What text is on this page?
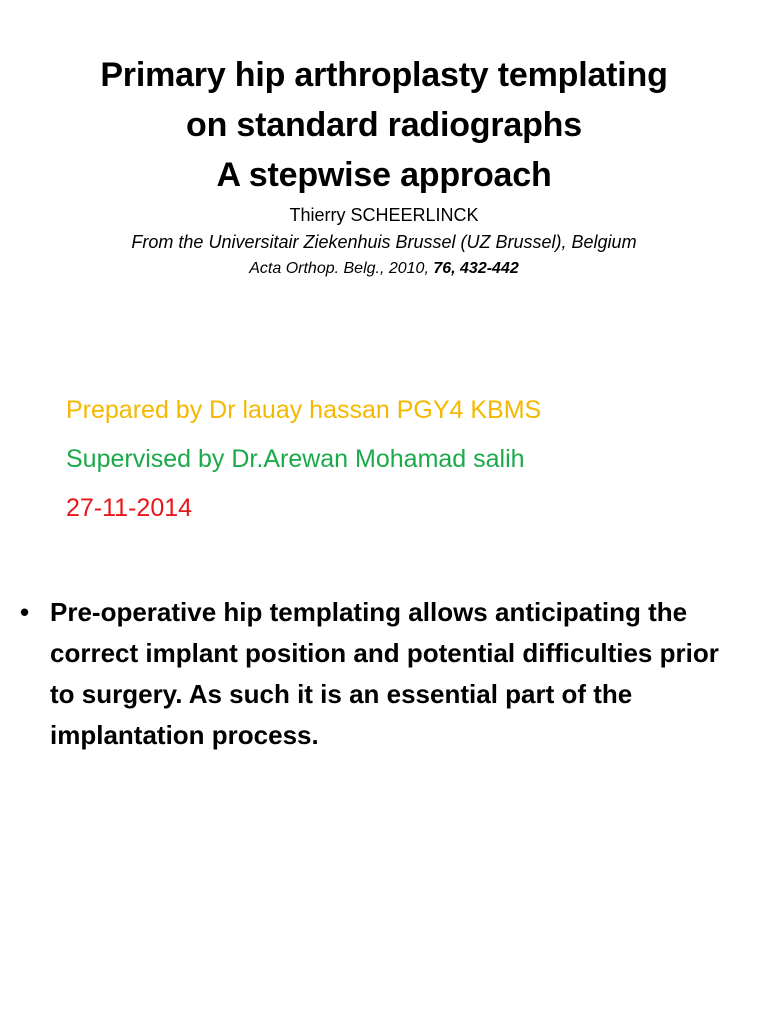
Primary hip arthroplasty templating
on standard radiographs
A stepwise approach
Thierry SCHEERLINCK
From the Universitair Ziekenhuis Brussel (UZ Brussel), Belgium
Acta Orthop. Belg., 2010, 76, 432-442
Prepared by Dr lauay hassan PGY4 KBMS
Supervised by Dr.Arewan Mohamad salih
27-11-2014
• Pre-operative hip templating allows anticipating the correct implant position and potential difficulties prior to surgery. As such it is an essential part of the implantation process.
